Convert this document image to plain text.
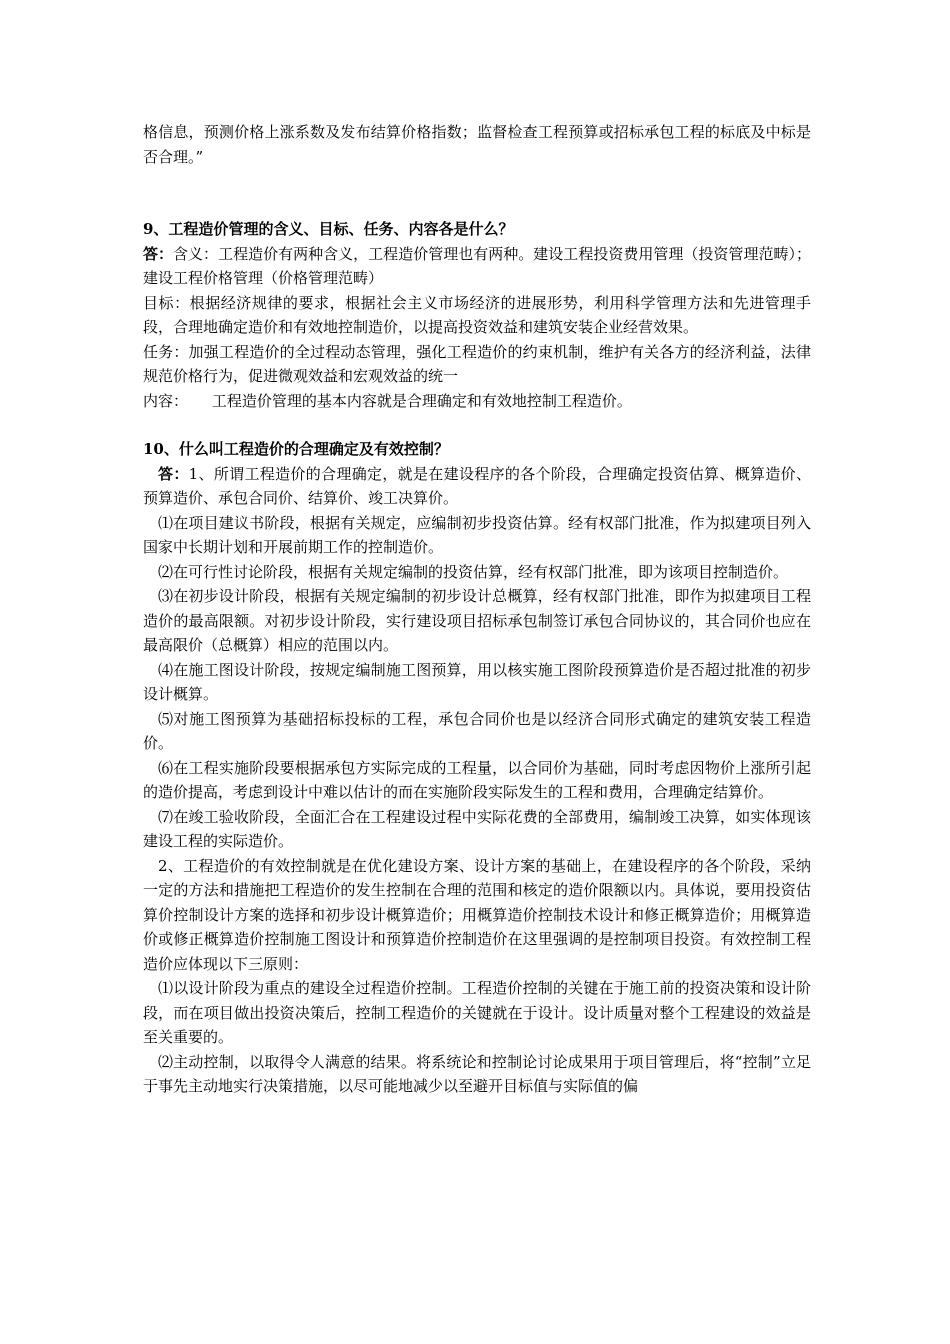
格信息，预测价格上涨系数及发布结算价格指数；监督检查工程预算或招标承包工程的标底及中标是否合理。”

9、工程造价管理的含义、目标、任务、内容各是什么？

答：含义：工程造价有两种含义，工程造价管理也有两种。建设工程投资费用管理（投资管理范畴）；建设工程价格管理（价格管理范畴）

目标：根据经济规律的要求，根据社会主义市场经济的进展形势，利用科学管理方法和先进管理手段，合理地确定造价和有效地控制造价，以提高投资效益和建筑安装企业经营效果。

任务：加强工程造价的全过程动态管理，强化工程造价的约束机制，维护有关各方的经济利益，法律规范价格行为，促进微观效益和宏观效益的统一

内容：     工程造价管理的基本内容就是合理确定和有效地控制工程造价。

10、什么叫工程造价的合理确定及有效控制？

答：1、所谓工程造价的合理确定，就是在建设程序的各个阶段，合理确定投资估算、概算造价、预算造价、承包合同价、结算价、竣工决算价。

⑴在项目建议书阶段，根据有关规定，应编制初步投资估算。经有权部门批准，作为拟建项目列入国家中长期计划和开展前期工作的控制造价。

⑵在可行性讨论阶段，根据有关规定编制的投资估算，经有权部门批准，即为该项目控制造价。

⑶在初步设计阶段，根据有关规定编制的初步设计总概算，经有权部门批准，即作为拟建项目工程造价的最高限额。对初步设计阶段，实行建设项目招标承包制签订承包合同协议的，其合同价也应在最高限价（总概算）相应的范围以内。

⑷在施工图设计阶段，按规定编制施工图预算，用以核实施工图阶段预算造价是否超过批准的初步设计概算。

⑸对施工图预算为基础招标投标的工程，承包合同价也是以经济合同形式确定的建筑安装工程造价。

⑹在工程实施阶段要根据承包方实际完成的工程量，以合同价为基础，同时考虑因物价上涨所引起的造价提高，考虑到设计中难以估计的而在实施阶段实际发生的工程和费用，合理确定结算价。

⑺在竣工验收阶段，全面汇合在工程建设过程中实际花费的全部费用，编制竣工决算，如实体现该建设工程的实际造价。

2、工程造价的有效控制就是在优化建设方案、设计方案的基础上，在建设程序的各个阶段，采纳一定的方法和措施把工程造价的发生控制在合理的范围和核定的造价限额以内。具体说，要用投资估算价控制设计方案的选择和初步设计概算造价；用概算造价控制技术设计和修正概算造价；用概算造价或修正概算造价控制施工图设计和预算造价控制造价在这里强调的是控制项目投资。有效控制工程造价应体现以下三原则：

⑴以设计阶段为重点的建设全过程造价控制。工程造价控制的关键在于施工前的投资决策和设计阶段，而在项目做出投资决策后，控制工程造价的关键就在于设计。设计质量对整个工程建设的效益是至关重要的。

⑵主动控制，以取得令人满意的结果。将系统论和控制论讨论成果用于项目管理后，将“控制”立足于事先主动地实行决策措施，以尽可能地减少以至避开目标值与实际值的偏
